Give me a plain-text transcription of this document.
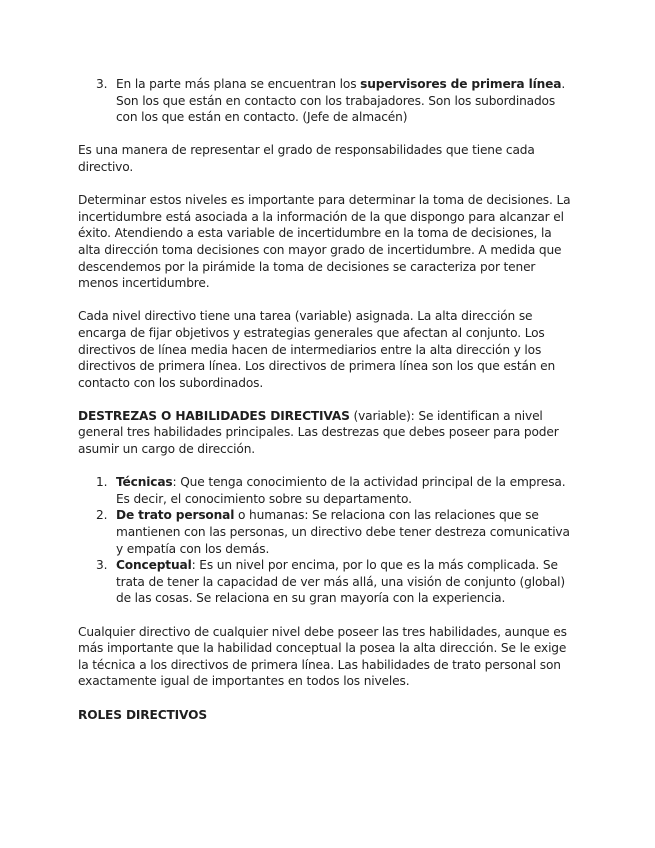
3. En la parte más plana se encuentran los supervisores de primera línea. Son los que están en contacto con los trabajadores. Son los subordinados con los que están en contacto. (Jefe de almacén)

Es una manera de representar el grado de responsabilidades que tiene cada directivo.

Determinar estos niveles es importante para determinar la toma de decisiones. La incertidumbre está asociada a la información de la que dispongo para alcanzar el éxito. Atendiendo a esta variable de incertidumbre en la toma de decisiones, la alta dirección toma decisiones con mayor grado de incertidumbre. A medida que descendemos por la pirámide la toma de decisiones se caracteriza por tener menos incertidumbre.

Cada nivel directivo tiene una tarea (variable) asignada. La alta dirección se encarga de fijar objetivos y estrategias generales que afectan al conjunto. Los directivos de línea media hacen de intermediarios entre la alta dirección y los directivos de primera línea. Los directivos de primera línea son los que están en contacto con los subordinados.

DESTREZAS O HABILIDADES DIRECTIVAS (variable): Se identifican a nivel general tres habilidades principales. Las destrezas que debes poseer para poder asumir un cargo de dirección.

1. Técnicas: Que tenga conocimiento de la actividad principal de la empresa. Es decir, el conocimiento sobre su departamento.
2. De trato personal o humanas: Se relaciona con las relaciones que se mantienen con las personas, un directivo debe tener destreza comunicativa y empatía con los demás.
3. Conceptual: Es un nivel por encima, por lo que es la más complicada. Se trata de tener la capacidad de ver más allá, una visión de conjunto (global) de las cosas. Se relaciona en su gran mayoría con la experiencia.

Cualquier directivo de cualquier nivel debe poseer las tres habilidades, aunque es más importante que la habilidad conceptual la posea la alta dirección. Se le exige la técnica a los directivos de primera línea. Las habilidades de trato personal son exactamente igual de importantes en todos los niveles.

ROLES DIRECTIVOS
